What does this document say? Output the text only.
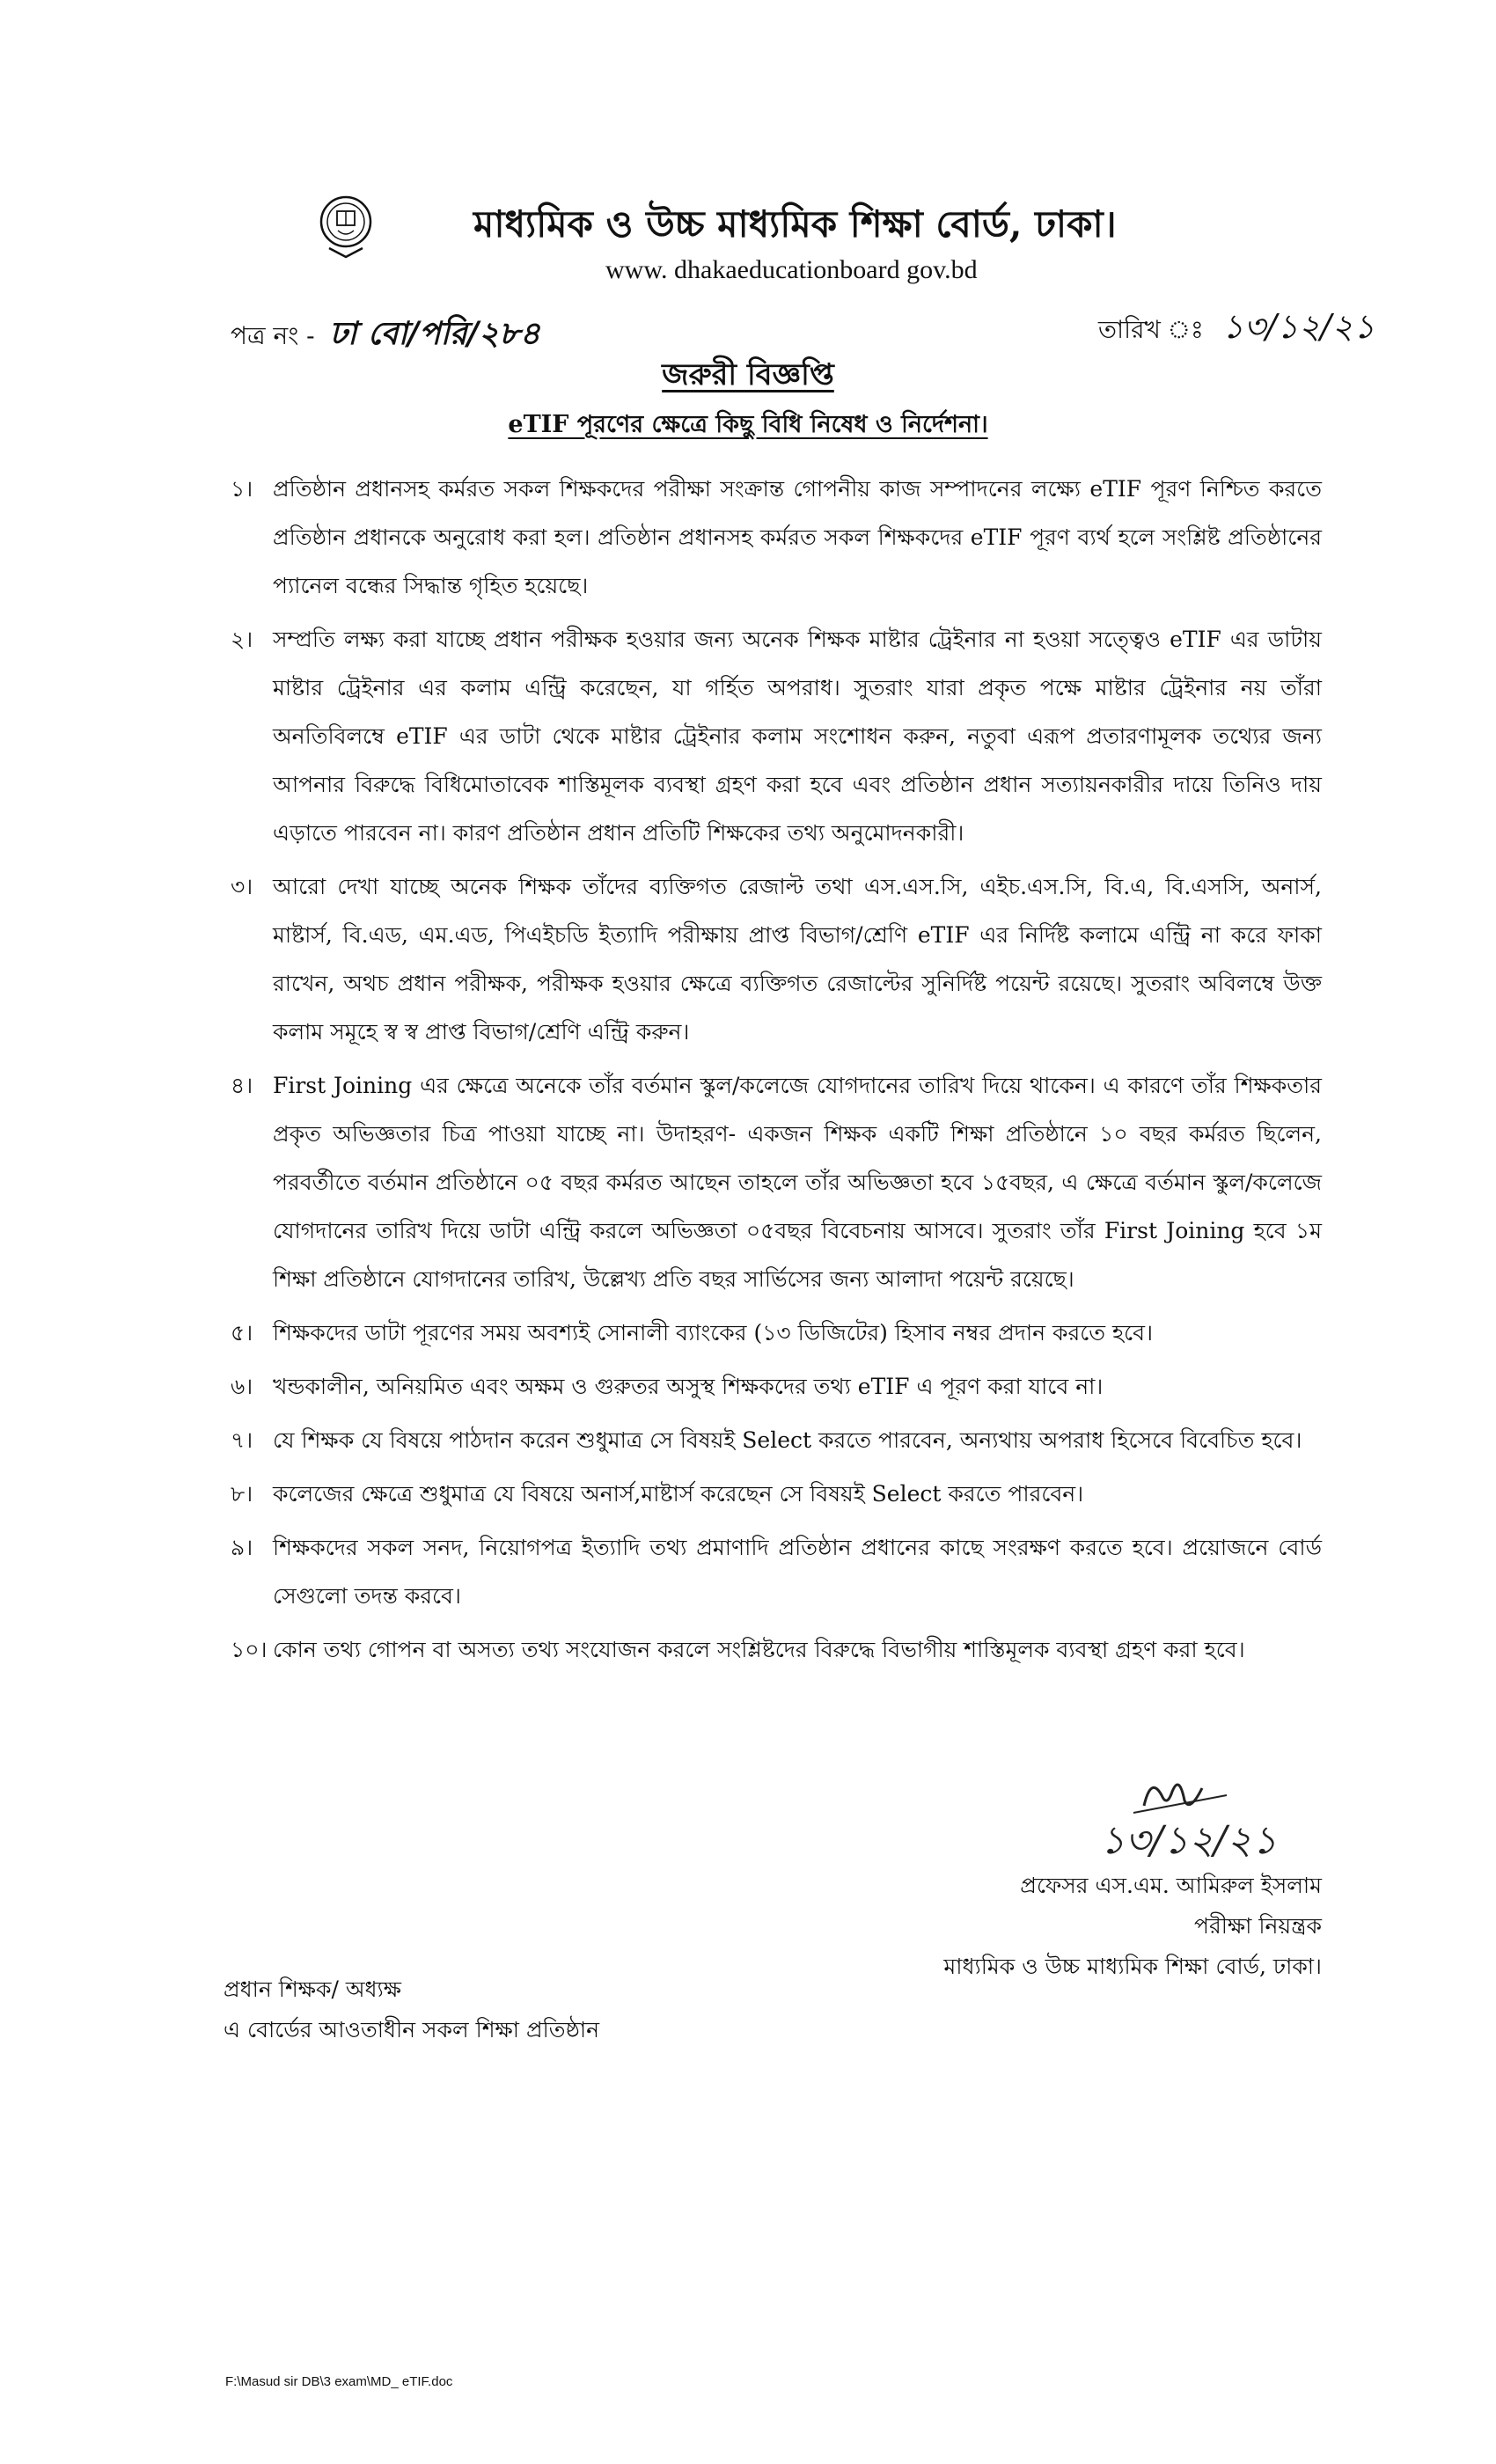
মাধ্যমিক ও উচ্চ মাধ্যমিক শিক্ষা বোর্ড, ঢাকা।
www. dhakaeducationboard gov.bd
পত্র নং - ঢা বো/পরি/২৮৪	তারিখ ঃ ১৩/১২/২১
জরুরী বিজ্ঞপ্তি
eTIF পূরণের ক্ষেত্রে কিছু বিধি নিষেধ ও নির্দেশনা।
১। প্রতিষ্ঠান প্রধানসহ কর্মরত সকল শিক্ষকদের পরীক্ষা সংক্রান্ত গোপনীয় কাজ সম্পাদনের লক্ষ্যে eTIF পূরণ নিশ্চিত করতে প্রতিষ্ঠান প্রধানকে অনুরোধ করা হল। প্রতিষ্ঠান প্রধানসহ কর্মরত সকল শিক্ষকদের eTIF পূরণ ব্যর্থ হলে সংশ্লিষ্ট প্রতিষ্ঠানের প্যানেল বন্ধের সিদ্ধান্ত গৃহিত হয়েছে।
২। সম্প্রতি লক্ষ্য করা যাচ্ছে প্রধান পরীক্ষক হওয়ার জন্য অনেক শিক্ষক মাষ্টার ট্রেইনার না হওয়া সত্ত্বেও eTIF এর ডাটায় মাষ্টার ট্রেইনার এর কলাম এন্ট্রি করেছেন, যা গর্হিত অপরাধ। সুতরাং যারা প্রকৃত পক্ষে মাষ্টার ট্রেইনার নয় তাঁরা অনতিবিলম্বে eTIF এর ডাটা থেকে মাষ্টার ট্রেইনার কলাম সংশোধন করুন, নতুবা এরূপ প্রতারণামূলক তথ্যের জন্য আপনার বিরুদ্ধে বিধিমোতাবেক শাস্তিমূলক ব্যবস্থা গ্রহণ করা হবে এবং প্রতিষ্ঠান প্রধান সত্যায়নকারীর দায়ে তিনিও দায় এড়াতে পারবেন না। কারণ প্রতিষ্ঠান প্রধান প্রতিটি শিক্ষকের তথ্য অনুমোদনকারী।
৩। আরো দেখা যাচ্ছে অনেক শিক্ষক তাঁদের ব্যক্তিগত রেজাল্ট তথা এস.এস.সি, এইচ.এস.সি, বি.এ, বি.এসসি, অনার্স, মাষ্টার্স, বি.এড, এম.এড, পিএইচডি ইত্যাদি পরীক্ষায় প্রাপ্ত বিভাগ/শ্রেণি eTIF এর নির্দিষ্ট কলামে এন্ট্রি না করে ফাকা রাখেন, অথচ প্রধান পরীক্ষক, পরীক্ষক হওয়ার ক্ষেত্রে ব্যক্তিগত রেজাল্টের সুনির্দিষ্ট পয়েন্ট রয়েছে। সুতরাং অবিলম্বে উক্ত কলাম সমূহে স্ব স্ব প্রাপ্ত বিভাগ/শ্রেণি এন্ট্রি করুন।
৪। First Joining এর ক্ষেত্রে অনেকে তাঁর বর্তমান স্কুল/কলেজে যোগদানের তারিখ দিয়ে থাকেন। এ কারণে তাঁর শিক্ষকতার প্রকৃত অভিজ্ঞতার চিত্র পাওয়া যাচ্ছে না। উদাহরণ- একজন শিক্ষক একটি শিক্ষা প্রতিষ্ঠানে ১০ বছর কর্মরত ছিলেন, পরবর্তীতে বর্তমান প্রতিষ্ঠানে ০৫ বছর কর্মরত আছেন তাহলে তাঁর অভিজ্ঞতা হবে ১৫বছর, এ ক্ষেত্রে বর্তমান স্কুল/কলেজে যোগদানের তারিখ দিয়ে ডাটা এন্ট্রি করলে অভিজ্ঞতা ০৫বছর বিবেচনায় আসবে। সুতরাং তাঁর First Joining হবে ১ম শিক্ষা প্রতিষ্ঠানে যোগদানের তারিখ, উল্লেখ্য প্রতি বছর সার্ভিসের জন্য আলাদা পয়েন্ট রয়েছে।
৫। শিক্ষকদের ডাটা পূরণের সময় অবশ্যই সোনালী ব্যাংকের (১৩ ডিজিটের) হিসাব নম্বর প্রদান করতে হবে।
৬। খন্ডকালীন, অনিয়মিত এবং অক্ষম ও গুরুতর অসুস্থ শিক্ষকদের তথ্য eTIF এ পূরণ করা যাবে না।
৭। যে শিক্ষক যে বিষয়ে পাঠদান করেন শুধুমাত্র সে বিষয়ই Select করতে পারবেন, অন্যথায় অপরাধ হিসেবে বিবেচিত হবে।
৮। কলেজের ক্ষেত্রে শুধুমাত্র যে বিষয়ে অনার্স,মাষ্টার্স করেছেন সে বিষয়ই Select করতে পারবেন।
৯। শিক্ষকদের সকল সনদ, নিয়োগপত্র ইত্যাদি তথ্য প্রমাণাদি প্রতিষ্ঠান প্রধানের কাছে সংরক্ষণ করতে হবে। প্রয়োজনে বোর্ড সেগুলো তদন্ত করবে।
১০। কোন তথ্য গোপন বা অসত্য তথ্য সংযোজন করলে সংশ্লিষ্টদের বিরুদ্ধে বিভাগীয় শাস্তিমূলক ব্যবস্থা গ্রহণ করা হবে।
১৩/১২/২১
প্রফেসর এস.এম. আমিরুল ইসলাম
পরীক্ষা নিয়ন্ত্রক
মাধ্যমিক ও উচ্চ মাধ্যমিক শিক্ষা বোর্ড, ঢাকা।
প্রধান শিক্ষক/ অধ্যক্ষ
এ বোর্ডের আওতাধীন সকল শিক্ষা প্রতিষ্ঠান
F:\Masud sir DB\3 exam\MD_ eTIF.doc
